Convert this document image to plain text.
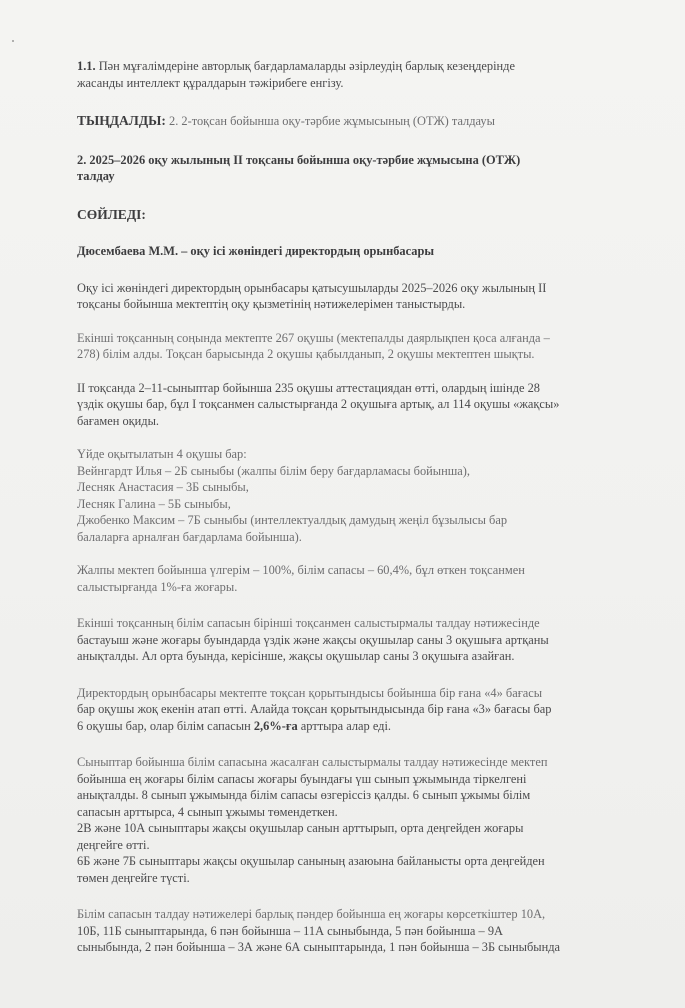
1.1. Пән мұғалімдеріне авторлық бағдарламаларды әзірлеудің барлық кезеңдерінде
жасанды интеллект құралдарын тәжірибеге енгізу.

ТЫҢДАЛДЫ: 2. 2-тоқсан бойынша оқу-тәрбие жұмысының (ОТЖ) талдауы

2. 2025–2026 оқу жылының II тоқсаны бойынша оқу-тәрбие жұмысына (ОТЖ)
талдау

СӨЙЛЕДІ:

Дюсембаева М.М. – оқу ісі жөніндегі директордың орынбасары

Оқу ісі жөніндегі директордың орынбасары қатысушыларды 2025–2026 оқу жылының II
тоқсаны бойынша мектептің оқу қызметінің нәтижелерімен таныстырды.

Екінші тоқсанның соңында мектепте 267 оқушы (мектепалды даярлықпен қоса алғанда –
278) білім алды. Тоқсан барысында 2 оқушы қабылданып, 2 оқушы мектептен шықты.

II тоқсанда 2–11-сыныптар бойынша 235 оқушы аттестациядан өтті, олардың ішінде 28
үздік оқушы бар, бұл I тоқсанмен салыстырғанда 2 оқушыға артық, ал 114 оқушы «жақсы»
бағамен оқиды.

Үйде оқытылатын 4 оқушы бар:
Вейнгардт Илья – 2Б сыныбы (жалпы білім беру бағдарламасы бойынша),
Лесняк Анастасия – 3Б сыныбы,
Лесняк Галина – 5Б сыныбы,
Джобенко Максим – 7Б сыныбы (интеллектуалдық дамудың жеңіл бұзылысы бар
балаларға арналған бағдарлама бойынша).

Жалпы мектеп бойынша үлгерім – 100%, білім сапасы – 60,4%, бұл өткен тоқсанмен
салыстырғанда 1%-ға жоғары.

Екінші тоқсанның білім сапасын бірінші тоқсанмен салыстырмалы талдау нәтижесінде
бастауыш және жоғары буындарда үздік және жақсы оқушылар саны 3 оқушыға артқаны
анықталды. Ал орта буында, керісінше, жақсы оқушылар саны 3 оқушыға азайған.

Директордың орынбасары мектепте тоқсан қорытындысы бойынша бір ғана «4» бағасы
бар оқушы жоқ екенін атап өтті. Алайда тоқсан қорытындысында бір ғана «3» бағасы бар
6 оқушы бар, олар білім сапасын 2,6%-ға арттыра алар еді.

Сыныптар бойынша білім сапасына жасалған салыстырмалы талдау нәтижесінде мектеп
бойынша ең жоғары білім сапасы жоғары буындағы үш сынып ұжымында тіркелгені
анықталды. 8 сынып ұжымында білім сапасы өзгеріссіз қалды. 6 сынып ұжымы білім
сапасын арттырса, 4 сынып ұжымы төмендеткен.
2В және 10А сыныптары жақсы оқушылар санын арттырып, орта деңгейден жоғары
деңгейге өтті.
6Б және 7Б сыныптары жақсы оқушылар санының азаюына байланысты орта деңгейден
төмен деңгейге түсті.

Білім сапасын талдау нәтижелері барлық пәндер бойынша ең жоғары көрсеткіштер 10А,
10Б, 11Б сыныптарында, 6 пән бойынша – 11А сыныбында, 5 пән бойынша – 9А
сыныбында, 2 пән бойынша – 3А және 6А сыныптарында, 1 пән бойынша – 3Б сыныбында
